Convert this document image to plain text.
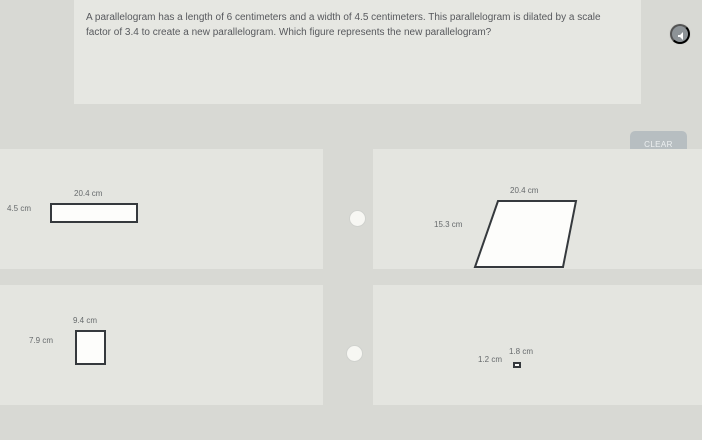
A parallelogram has a length of 6 centimeters and a width of 4.5 centimeters. This parallelogram is dilated by a scale factor of 3.4 to create a new parallelogram. Which figure represents the new parallelogram?

CLEAR
20.4 cm
4.5 cm
20.4 cm
15.3 cm
9.4 cm
7.9 cm
1.8 cm
1.2 cm
